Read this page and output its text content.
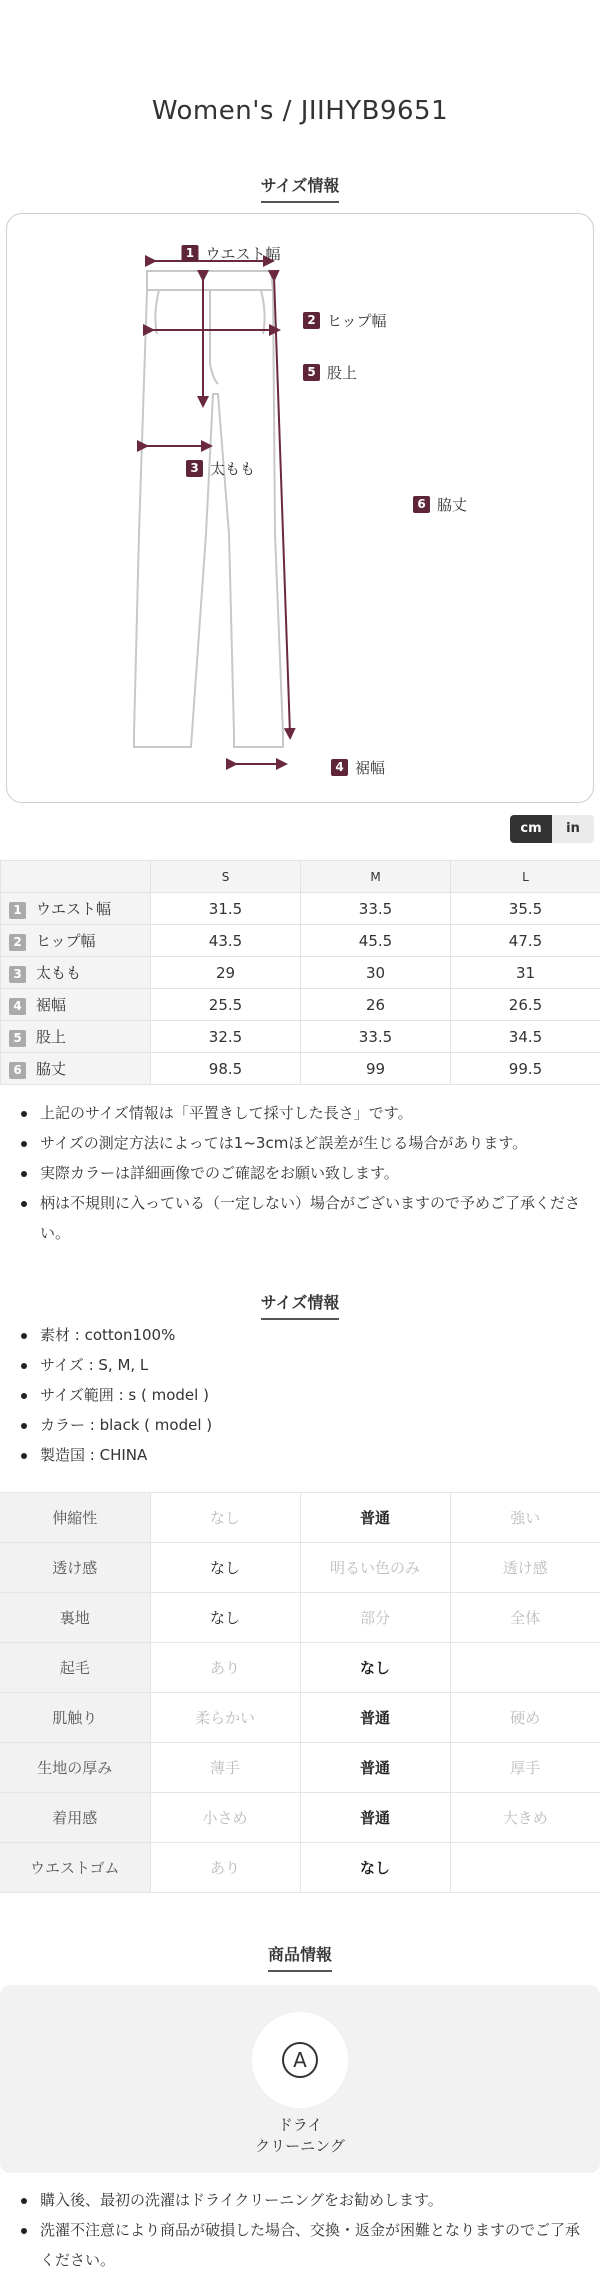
Women's / JIIHYB9651
サイズ情報
1 ウエスト幅
2 ヒップ幅
5 股上
3 太もも
6 脇丈
4 裾幅
cm	in
	S	M	L
1 ウエスト幅	31.5	33.5	35.5
2 ヒップ幅	43.5	45.5	47.5
3 太もも	29	30	31
4 裾幅	25.5	26	26.5
5 股上	32.5	33.5	34.5
6 脇丈	98.5	99	99.5
上記のサイズ情報は「平置きして採寸した長さ」です。
サイズの測定方法によっては1~3cmほど誤差が生じる場合があります。
実際カラーは詳細画像でのご確認をお願い致します。
柄は不規則に入っている（一定しない）場合がございますので予めご了承ください。
サイズ情報
素材 : cotton100%
サイズ : S, M, L
サイズ範囲 : s ( model )
カラー : black ( model )
製造国 : CHINA
伸縮性	なし	普通	強い
透け感	なし	明るい色のみ	透け感
裏地	なし	部分	全体
起毛	あり	なし	
肌触り	柔らかい	普通	硬め
生地の厚み	薄手	普通	厚手
着用感	小さめ	普通	大きめ
ウエストゴム	あり	なし	
商品情報
A
ドライ
クリーニング
購入後、最初の洗濯はドライクリーニングをお勧めします。
洗濯不注意により商品が破損した場合、交換・返金が困難となりますのでご了承ください。
